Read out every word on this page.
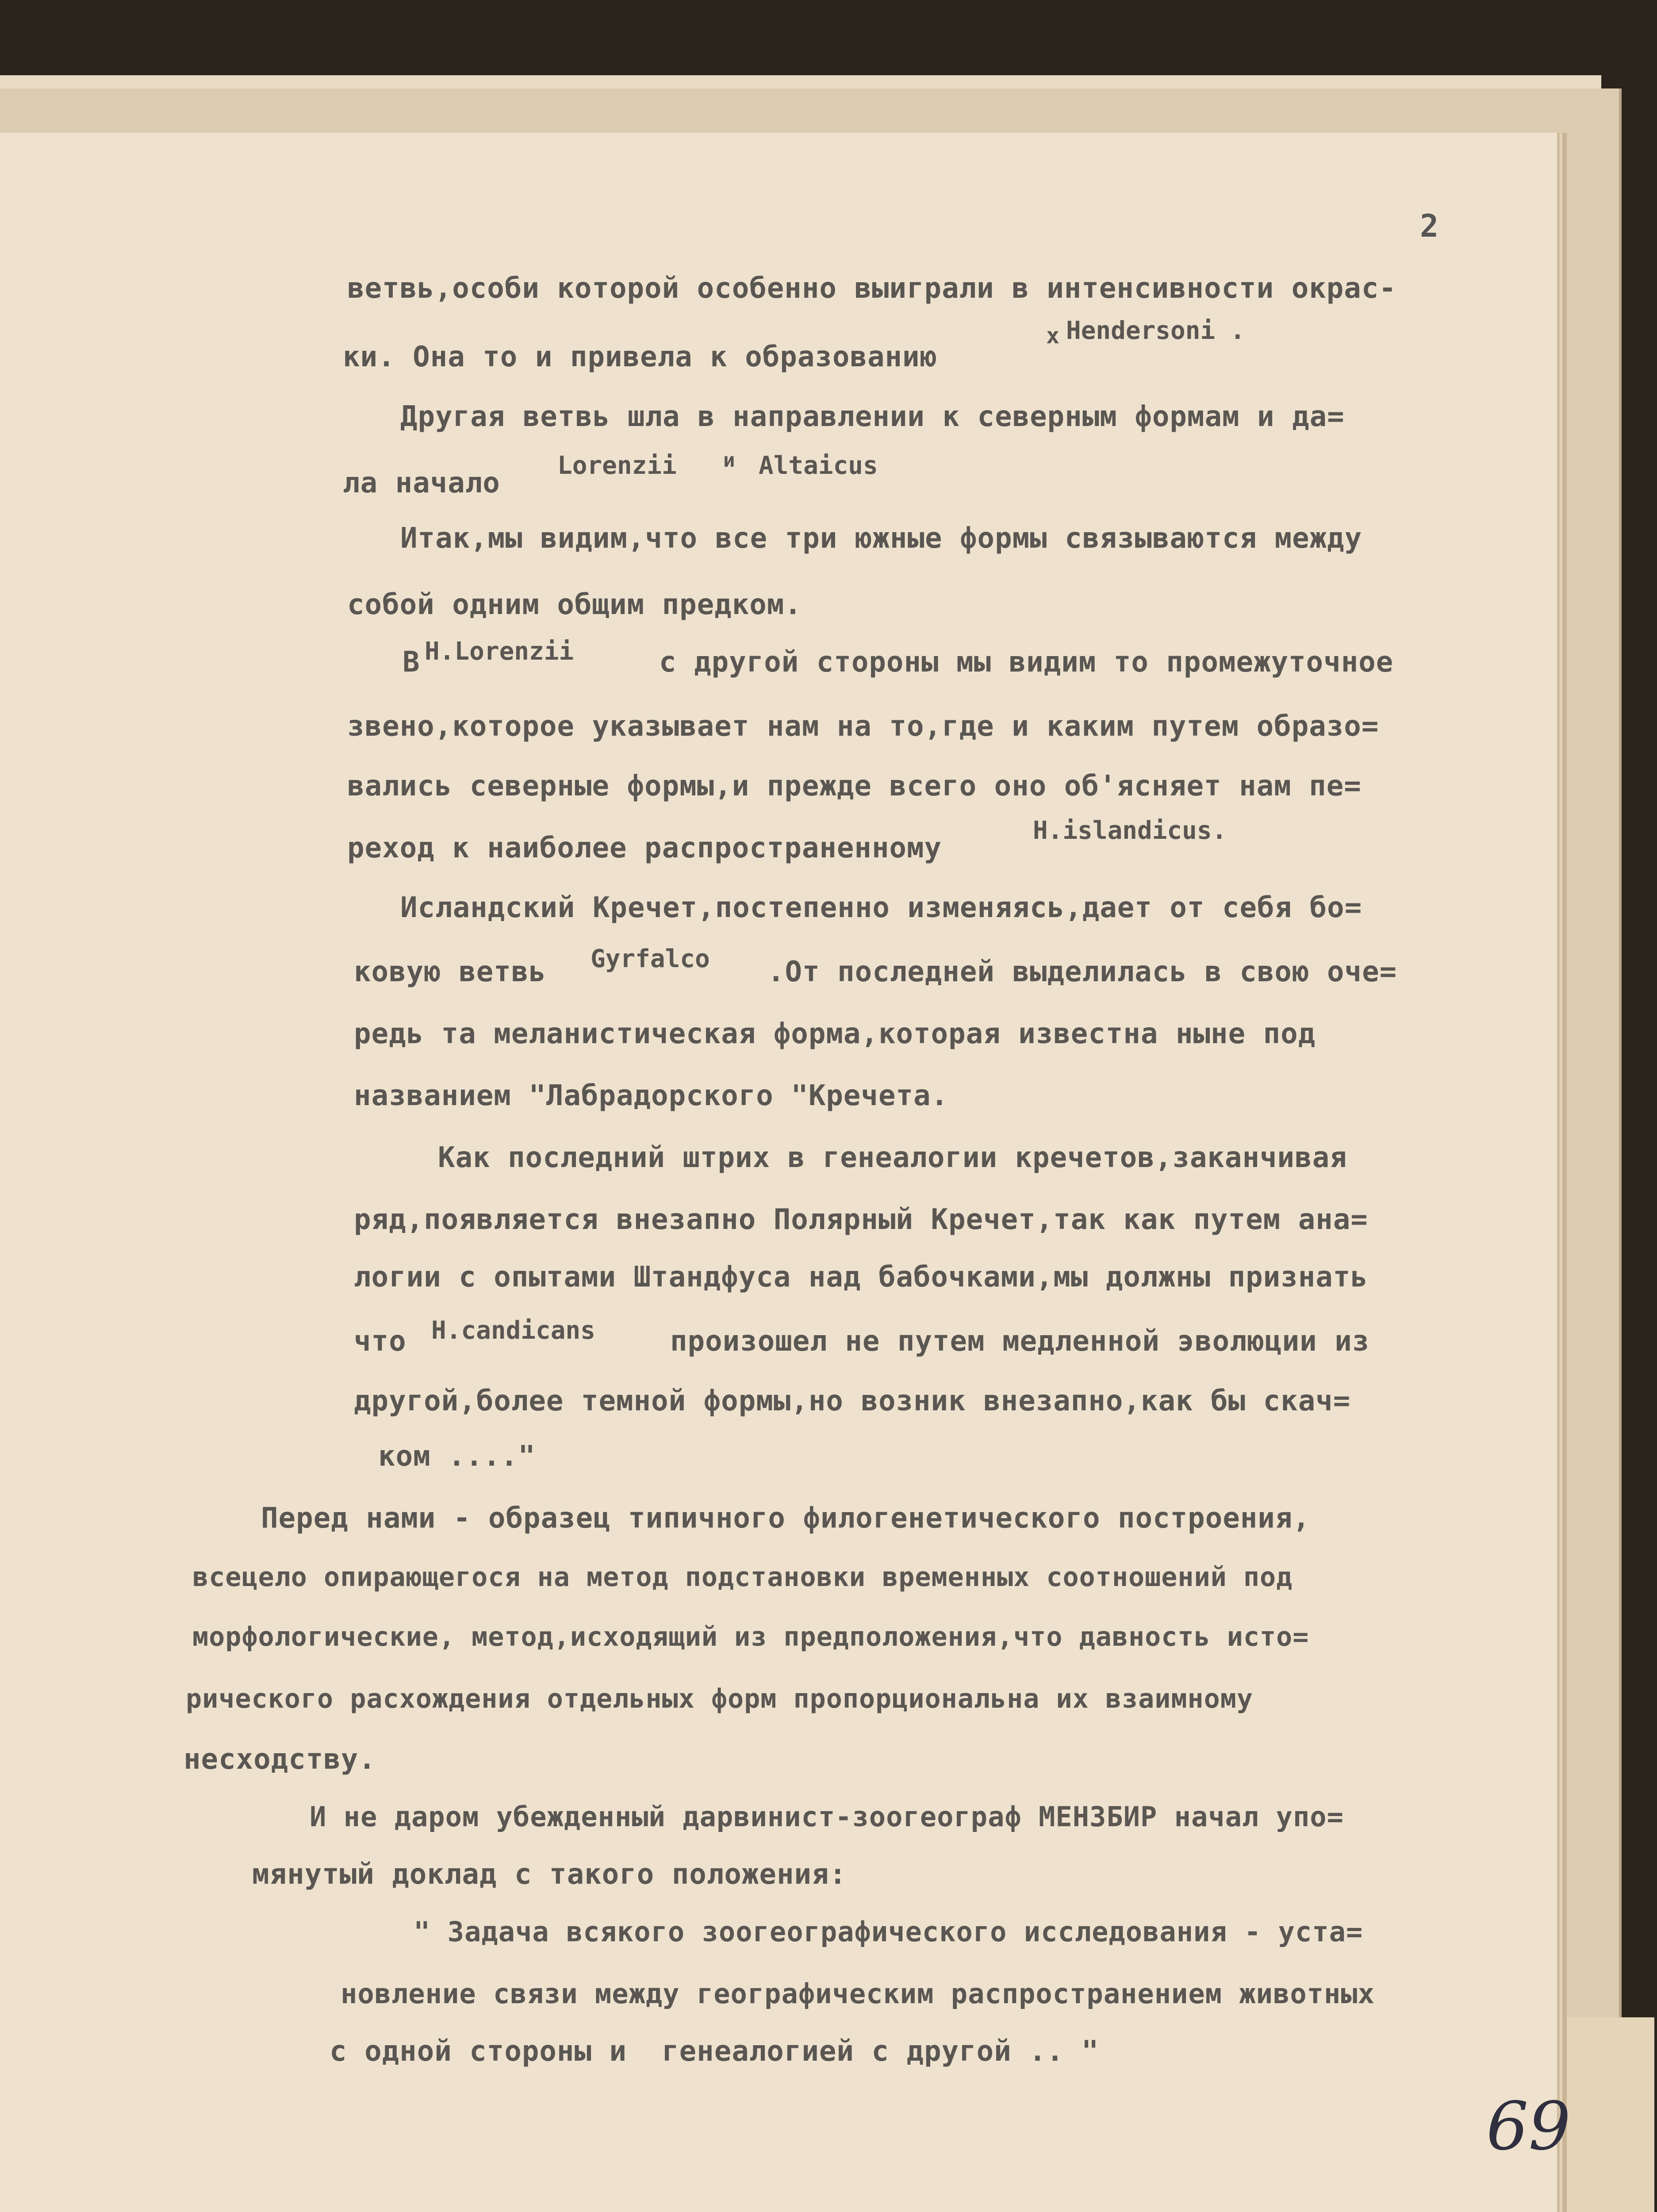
2
ветвь,особи которой особенно выиграли в интенсивности окрас-
ки. Она то и привела к образованию
x Hendersoni .
Другая ветвь шла в направлении к северным формам и да=
ла начало
Lorenzii и Altaicus
Итак,мы видим,что все три южные формы связываются между
собой одним общим предком.
В H.Lorenzii	с другой стороны мы видим то промежуточное
звено,которое указывает нам на то,где и каким путем образо=
вались северные формы,и прежде всего оно об'ясняет нам пе=
реход к наиболее распространенному
H.islandicus.
Исландский Кречет,постепенно изменяясь,дает от себя бо=
ковую ветвь Gyrfalco .От последней выделилась в свою оче=
редь та меланистическая форма,которая известна ныне под
названием "Лабрадорского "Кречета.
Как последний штрих в генеалогии кречетов,заканчивая
ряд,появляется внезапно Полярный Кречет,так как путем ана=
логии с опытами Штандфуса над бабочками,мы должны признать
что H.candicans	произошел не путем медленной эволюции из
другой,более темной формы,но возник внезапно,как бы скач=
ком ...."
Перед нами - образец типичного филогенетического построения,
всецело опирающегося на метод подстановки временных соотношений под
морфологические, метод,исходящий из предположения,что давность исто=
рического расхождения отдельных форм пропорциональна их взаимному
несходству.
И не даром убежденный дарвинист-зоогеограф МЕНЗБИР начал упо=
мянутый доклад с такого положения:
" Задача всякого зоогеографического исследования - уста=
новление связи между географическим распространением животных
с одной стороны и  генеалогией с другой .. "
69
